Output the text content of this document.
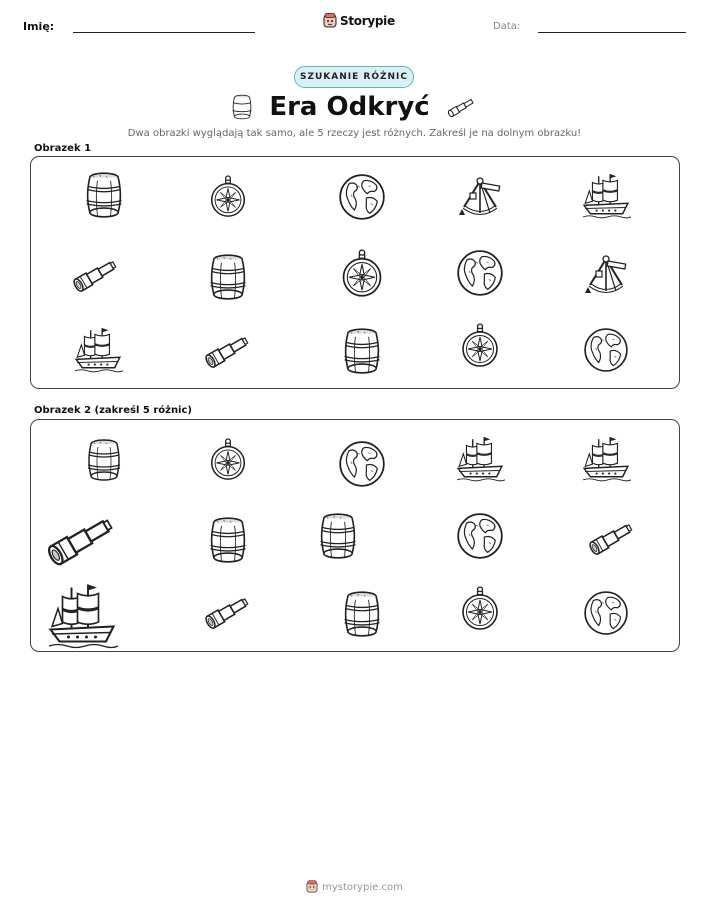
Imię:	Storypie	Data:
SZUKANIE RÓŻNIC
Era Odkryć
Dwa obrazki wyglądają tak samo, ale 5 rzeczy jest różnych. Zakreśl je na dolnym obrazku!
Obrazek 1
Obrazek 2 (zakreśl 5 różnic)
mystorypie.com
